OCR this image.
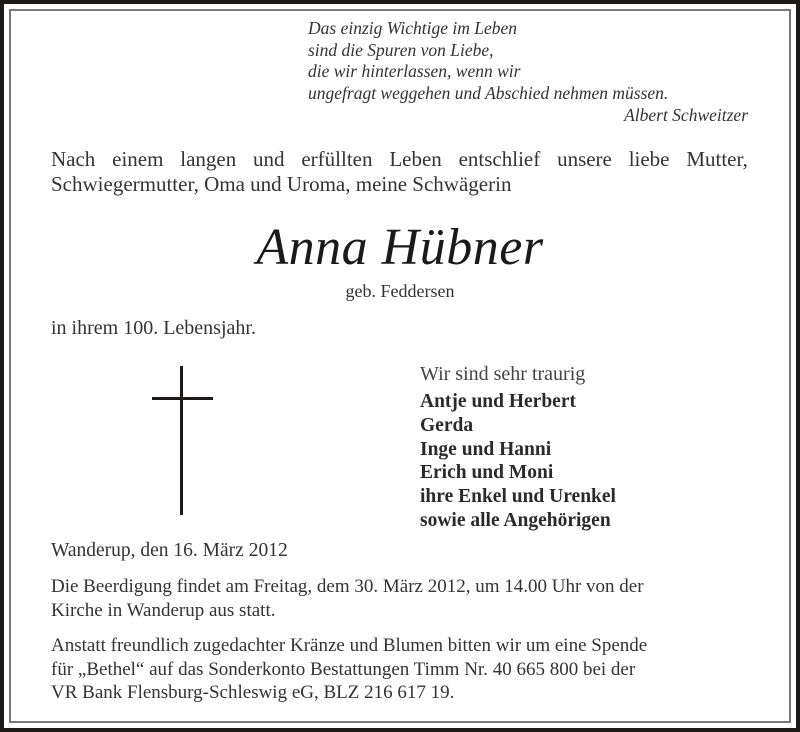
Das einzig Wichtige im Leben
sind die Spuren von Liebe,
die wir hinterlassen, wenn wir
ungefragt weggehen und Abschied nehmen müssen.
Albert Schweitzer
Nach einem langen und erfüllten Leben entschlief unsere liebe Mutter,
Schwiegermutter, Oma und Uroma, meine Schwägerin
Anna Hübner
geb. Feddersen
in ihrem 100. Lebensjahr.
Wir sind sehr traurig
Antje und Herbert
Gerda
Inge und Hanni
Erich und Moni
ihre Enkel und Urenkel
sowie alle Angehörigen
Wanderup, den 16. März 2012
Die Beerdigung findet am Freitag, dem 30. März 2012, um 14.00 Uhr von der
Kirche in Wanderup aus statt.
Anstatt freundlich zugedachter Kränze und Blumen bitten wir um eine Spende
für „Bethel“ auf das Sonderkonto Bestattungen Timm Nr. 40 665 800 bei der
VR Bank Flensburg-Schleswig eG, BLZ 216 617 19.
